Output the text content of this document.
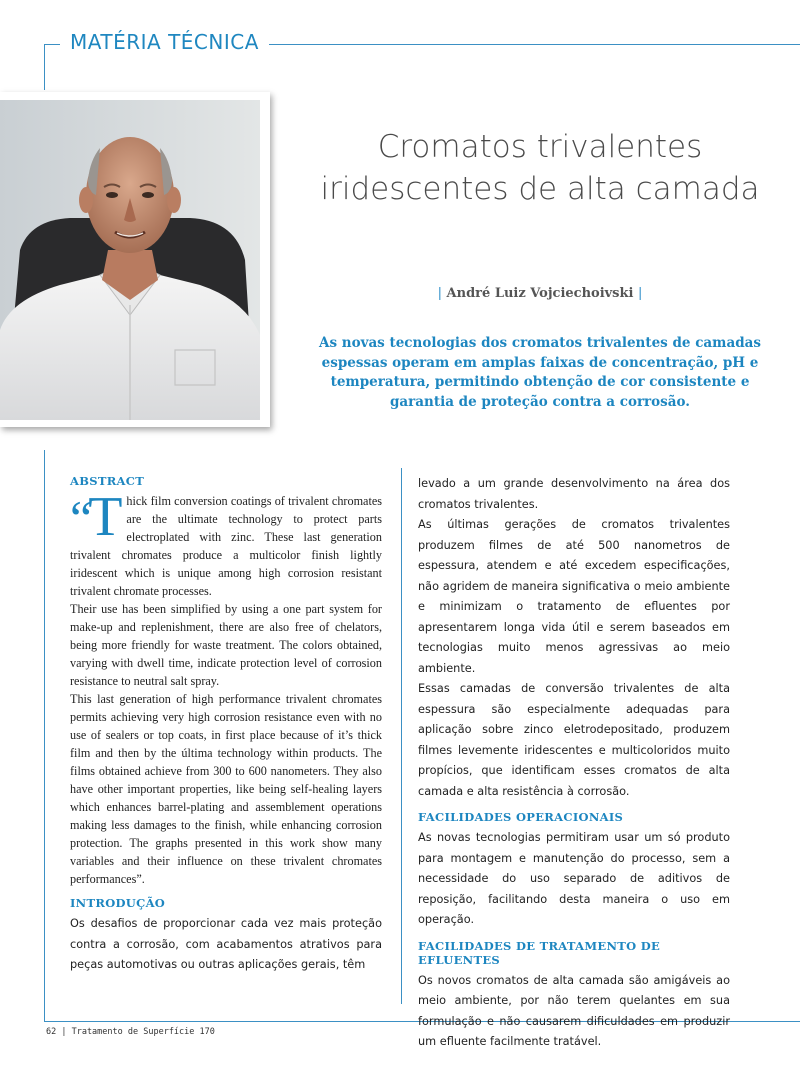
MATÉRIA TÉCNICA
Cromatos trivalentes
iridescentes de alta camada
| André Luiz Vojciechoivski |
As novas tecnologias dos cromatos trivalentes de camadas espessas operam em amplas faixas de concentração, pH e temperatura, permitindo obtenção de cor consistente e garantia de proteção contra a corrosão.
ABSTRACT

“T hick film conversion coatings of trivalent chromates are the ultimate technology to protect parts electroplated with zinc. These last generation trivalent chromates produce a multicolor finish lightly iridescent which is unique among high corrosion resistant trivalent chromate processes.

Their use has been simplified by using a one part system for make-up and replenishment, there are also free of chelators, being more friendly for waste treatment. The colors obtained, varying with dwell time, indicate protection level of corrosion resistance to neutral salt spray.

This last generation of high performance trivalent chromates permits achieving very high corrosion resistance even with no use of sealers or top coats, in first place because of it’s thick film and then by the última technology within products. The films obtained achieve from 300 to 600 nanometers. They also have other important properties, like being self-healing layers which enhances barrel-plating and assemblement operations making less damages to the finish, while enhancing corrosion protection. The graphs presented in this work show many variables and their influence on these trivalent chromates performances”.

INTRODUÇÃO

Os desafios de proporcionar cada vez mais proteção contra a corrosão, com acabamentos atrativos para peças automotivas ou outras aplicações gerais, têm

levado a um grande desenvolvimento na área dos cromatos trivalentes.

As últimas gerações de cromatos trivalentes produzem filmes de até 500 nanometros de espessura, atendem e até excedem especificações, não agridem de maneira significativa o meio ambiente e minimizam o tratamento de efluentes por apresentarem longa vida útil e serem baseados em tecnologias muito menos agressivas ao meio ambiente.

Essas camadas de conversão trivalentes de alta espessura são especialmente adequadas para aplicação sobre zinco eletrodepositado, produzem filmes levemente iridescentes e multicoloridos muito propícios, que identificam esses cromatos de alta camada e alta resistência à corrosão.

FACILIDADES OPERACIONAIS

As novas tecnologias permitiram usar um só produto para montagem e manutenção do processo, sem a necessidade do uso separado de aditivos de reposição, facilitando desta maneira o uso em operação.

FACILIDADES DE TRATAMENTO DE EFLUENTES

Os novos cromatos de alta camada são amigáveis ao meio ambiente, por não terem quelantes em sua formulação e não causarem dificuldades em produzir um efluente facilmente tratável.

62 | Tratamento de Superfície 170
